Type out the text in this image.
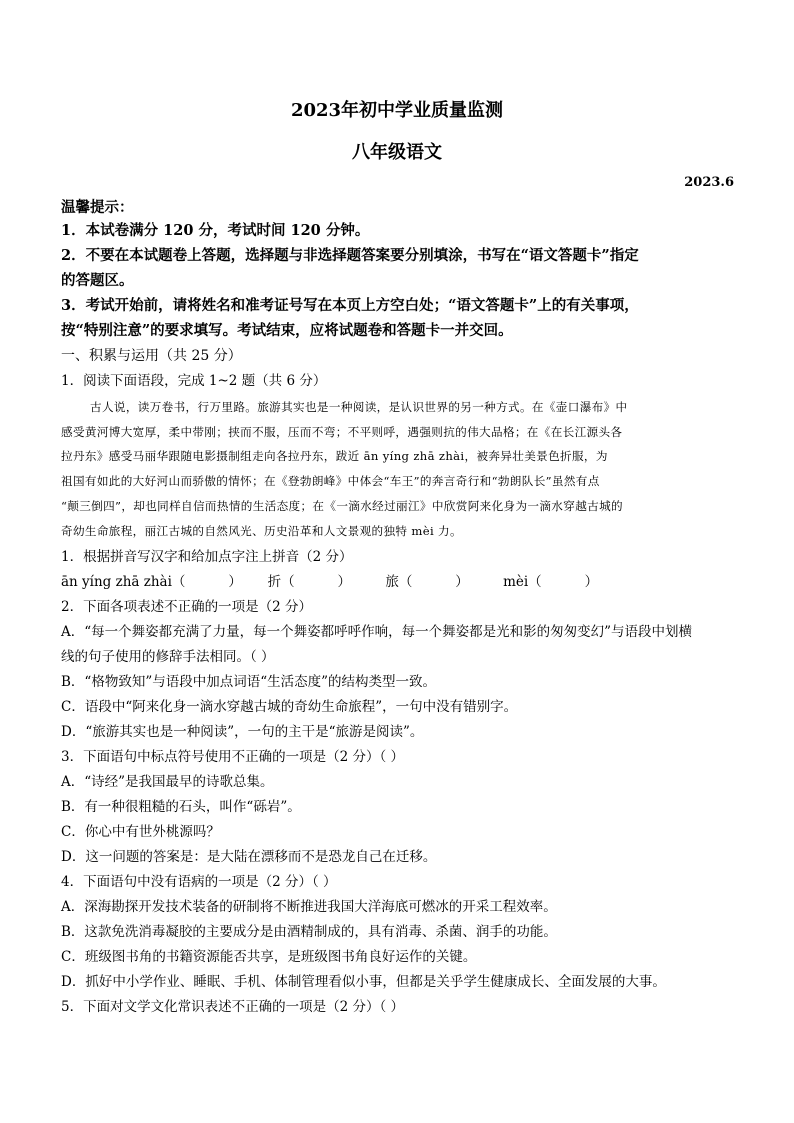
2023年初中学业质量监测
八年级语文
2023.6
温馨提示：
1．本试卷满分 120 分，考试时间 120 分钟。
2．不要在本试题卷上答题，选择题与非选择题答案要分别填涂，书写在“语文答题卡”指定
的答题区。
3．考试开始前，请将姓名和准考证号写在本页上方空白处；“语文答题卡”上的有关事项，
按“特别注意”的要求填写。考试结束，应将试题卷和答题卡一并交回。
一、积累与运用（共 25 分）
1．阅读下面语段，完成 1~2 题（共 6 分）
古人说，读万卷书，行万里路。旅游其实也是一种阅读，是认识世界的另一种方式。在《壶口瀑布》中
感受黄河博大宽厚，柔中带刚；挟而不服，压而不弯；不平则呼，遇强则抗的伟大品格；在《在长江源头各
拉丹东》感受马丽华跟随电影摄制组走向各拉丹东，跋近 ān yíng zhā zhài，被奔异壮美景色折服，为
祖国有如此的大好河山而骄傲的情怀；在《登勃朗峰》中体会“车王”的奔言奇行和“勃朗队长”虽然有点
“颠三倒四”，却也同样自信而热情的生活态度；在《一滴水经过丽江》中欣赏阿来化身为一滴水穿越古城的
奇幼生命旅程，丽江古城的自然风光、历史沿革和人文景观的独特 mèi 力。
1．根据拼音写汉字和给加点字注上拼音（2 分）
ān yíng zhā zhài（          ）      折（          ）        旅（          ）        mèi（          ）
2．下面各项表述不正确的一项是（2 分）
A．“每一个舞姿都充满了力量，每一个舞姿都呼呼作响，每一个舞姿都是光和影的匆匆变幻”与语段中划横
线的句子使用的修辞手法相同。（ ）
B．“格物致知”与语段中加点词语“生活态度”的结构类型一致。
C．语段中“阿来化身一滴水穿越古城的奇幼生命旅程”，一句中没有错别字。
D．“旅游其实也是一种阅读”，一句的主干是“旅游是阅读”。
3．下面语句中标点符号使用不正确的一项是（2 分）（ ）
A．“诗经”是我国最早的诗歌总集。
B．有一种很粗糙的石头，叫作“砾岩”。
C．你心中有世外桃源吗？
D．这一问题的答案是：是大陆在漂移而不是恐龙自己在迁移。
4．下面语句中没有语病的一项是（2 分）（ ）
A．深海勘探开发技术装备的研制将不断推进我国大洋海底可燃冰的开采工程效率。
B．这款免洗消毒凝胶的主要成分是由酒精制成的，具有消毒、杀菌、润手的功能。
C．班级图书角的书籍资源能否共享，是班级图书角良好运作的关键。
D．抓好中小学作业、睡眠、手机、体制管理看似小事，但都是关乎学生健康成长、全面发展的大事。
5．下面对文学文化常识表述不正确的一项是（2 分）（ ）
